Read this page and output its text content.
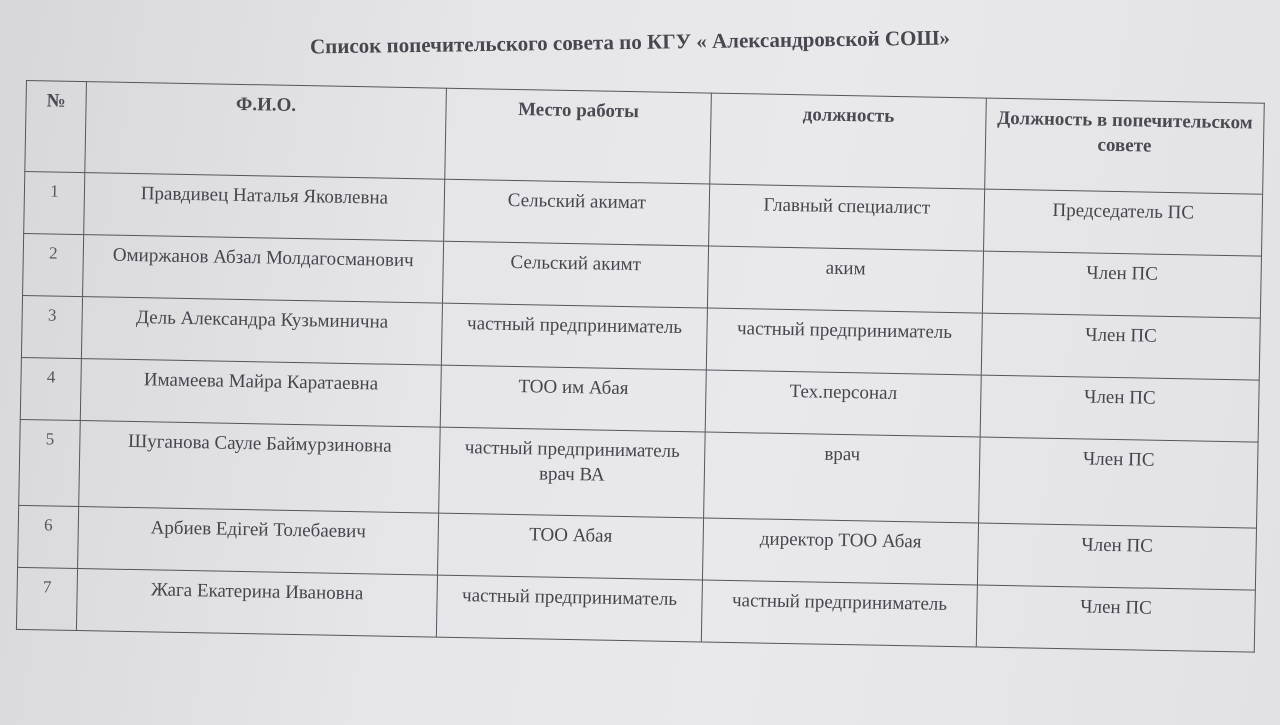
Список попечительского совета по КГУ « Александровской СОШ»
№	Ф.И.О.	Место работы	должность	Должность в попечительском совете
1	Правдивец Наталья Яковлевна	Сельский акимат	Главный специалист	Председатель ПС
2	Омиржанов Абзал Молдагосманович	Сельский акимт	аким	Член ПС
3	Дель Александра Кузьминична	частный предприниматель	частный предприниматель	Член ПС
4	Имамеева Майра Каратаевна	ТОО им Абая	Тех.персонал	Член ПС
5	Шуганова Сауле Баймурзиновна	частный предприниматель врач ВА	врач	Член ПС
6	Арбиев Едігей Толебаевич	ТОО Абая	директор ТОО Абая	Член ПС
7	Жага Екатерина Ивановна	частный предприниматель	частный предприниматель	Член ПС
